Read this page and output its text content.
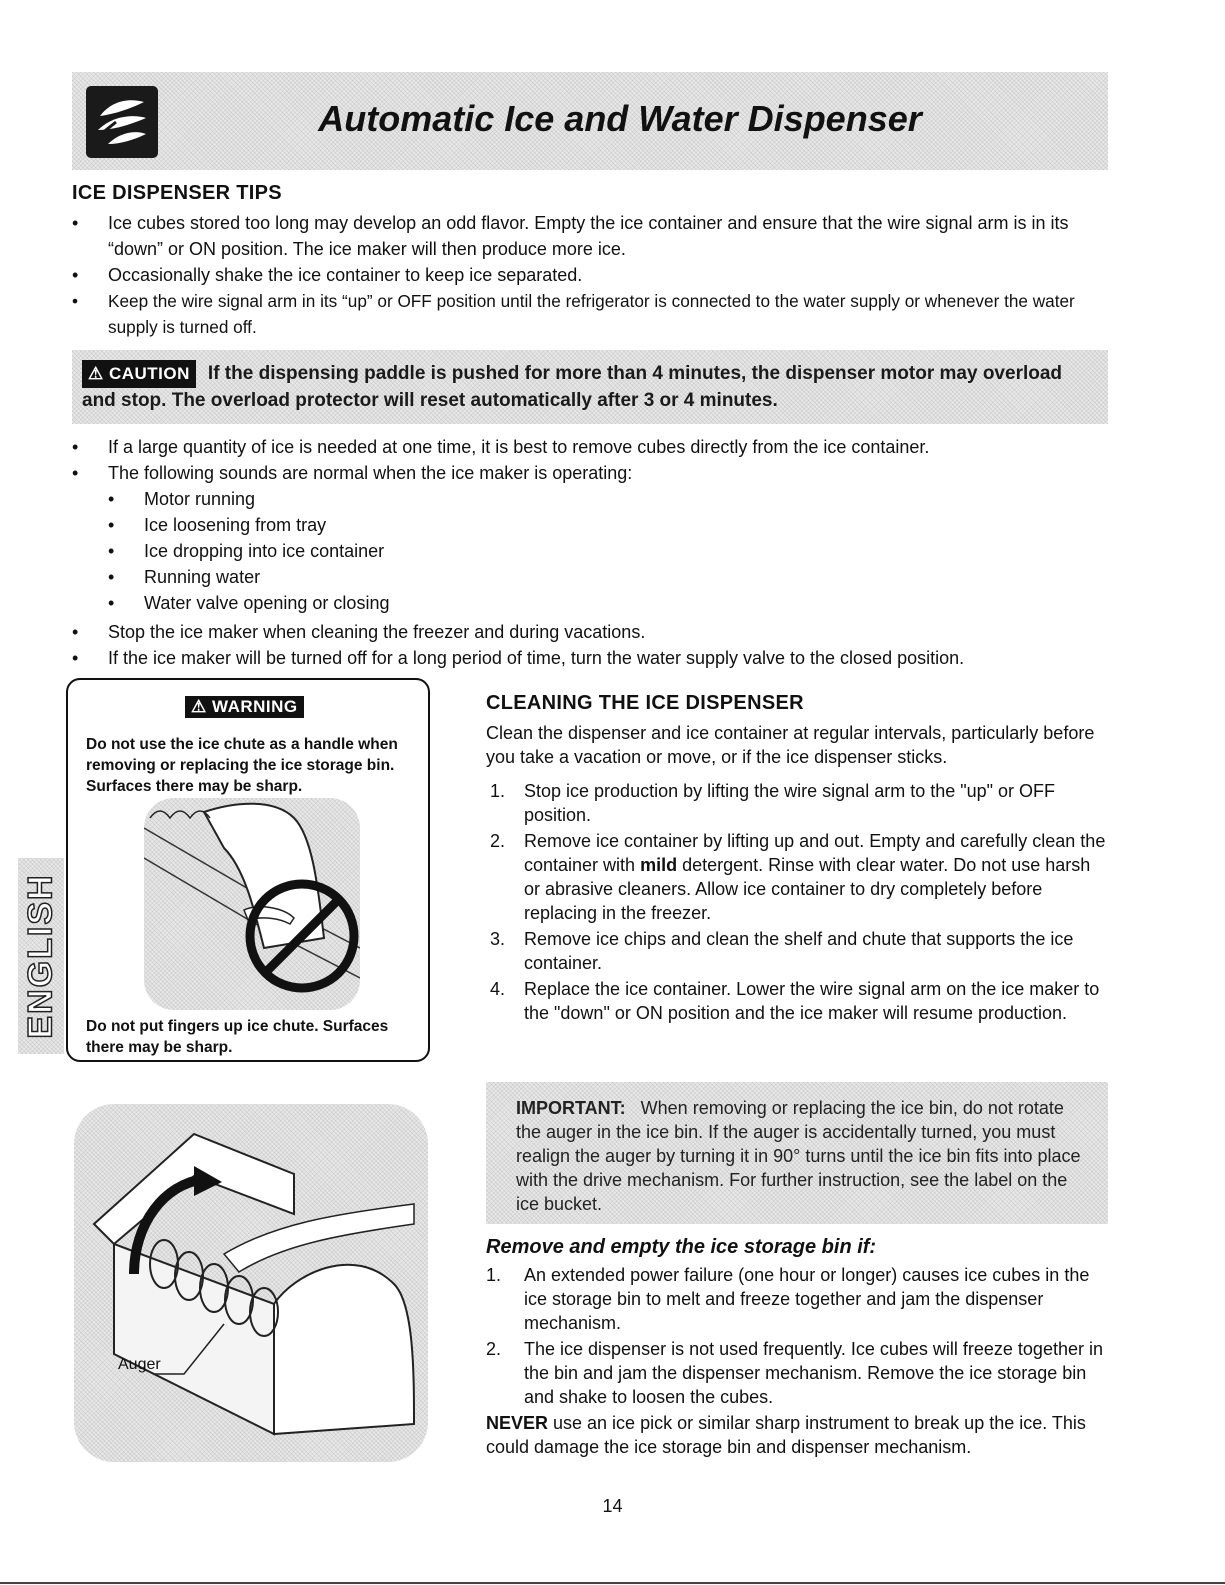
Automatic Ice and Water Dispenser
ICE DISPENSER TIPS
• Ice cubes stored too long may develop an odd flavor. Empty the ice container and ensure that the wire signal arm is in its “down” or ON position. The ice maker will then produce more ice.
• Occasionally shake the ice container to keep ice separated.
• Keep the wire signal arm in its “up” or OFF position until the refrigerator is connected to the water supply or whenever the water supply is turned off.
⚠ CAUTION If the dispensing paddle is pushed for more than 4 minutes, the dispenser motor may overload and stop. The overload protector will reset automatically after 3 or 4 minutes.
• If a large quantity of ice is needed at one time, it is best to remove cubes directly from the ice container.
• The following sounds are normal when the ice maker is operating:
• Motor running
• Ice loosening from tray
• Ice dropping into ice container
• Running water
• Water valve opening or closing
• Stop the ice maker when cleaning the freezer and during vacations.
• If the ice maker will be turned off for a long period of time, turn the water supply valve to the closed position.
⚠ WARNING
Do not use the ice chute as a handle when removing or replacing the ice storage bin. Surfaces there may be sharp.
Do not put fingers up ice chute. Surfaces there may be sharp.
ENGLISH
CLEANING THE ICE DISPENSER

Clean the dispenser and ice container at regular intervals, particularly before you take a vacation or move, or if the ice dispenser sticks.

1. Stop ice production by lifting the wire signal arm to the "up" or OFF position.
2. Remove ice container by lifting up and out. Empty and carefully clean the container with mild detergent. Rinse with clear water. Do not use harsh or abrasive cleaners. Allow ice container to dry completely before replacing in the freezer.
3. Remove ice chips and clean the shelf and chute that supports the ice container.
4. Replace the ice container. Lower the wire signal arm on the ice maker to the "down" or ON position and the ice maker will resume production.
IMPORTANT: When removing or replacing the ice bin, do not rotate the auger in the ice bin. If the auger is accidentally turned, you must realign the auger by turning it in 90° turns until the ice bin fits into place with the drive mechanism. For further instruction, see the label on the ice bucket.
Auger
Remove and empty the ice storage bin if:
1. An extended power failure (one hour or longer) causes ice cubes in the ice storage bin to melt and freeze together and jam the dispenser mechanism.
2. The ice dispenser is not used frequently. Ice cubes will freeze together in the bin and jam the dispenser mechanism. Remove the ice storage bin and shake to loosen the cubes.

NEVER use an ice pick or similar sharp instrument to break up the ice. This could damage the ice storage bin and dispenser mechanism.

14
